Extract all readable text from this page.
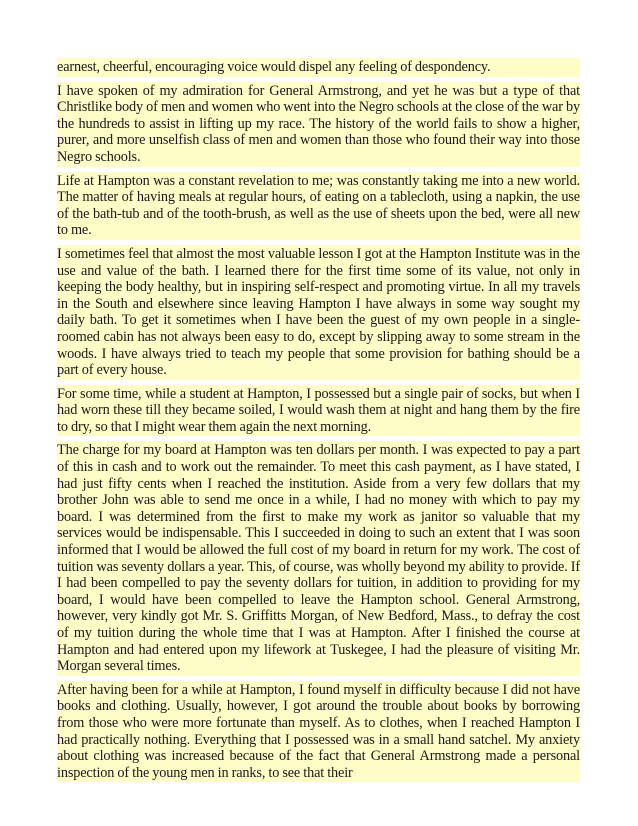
earnest, cheerful, encouraging voice would dispel any feeling of despondency.

I have spoken of my admiration for General Armstrong, and yet he was but a type of that Christlike body of men and women who went into the Negro schools at the close of the war by the hundreds to assist in lifting up my race. The history of the world fails to show a higher, purer, and more unselfish class of men and women than those who found their way into those Negro schools.

Life at Hampton was a constant revelation to me; was constantly taking me into a new world. The matter of having meals at regular hours, of eating on a tablecloth, using a napkin, the use of the bath-tub and of the tooth-brush, as well as the use of sheets upon the bed, were all new to me.

I sometimes feel that almost the most valuable lesson I got at the Hampton Institute was in the use and value of the bath. I learned there for the first time some of its value, not only in keeping the body healthy, but in inspiring self-respect and promoting virtue. In all my travels in the South and elsewhere since leaving Hampton I have always in some way sought my daily bath. To get it sometimes when I have been the guest of my own people in a single-roomed cabin has not always been easy to do, except by slipping away to some stream in the woods. I have always tried to teach my people that some provision for bathing should be a part of every house.

For some time, while a student at Hampton, I possessed but a single pair of socks, but when I had worn these till they became soiled, I would wash them at night and hang them by the fire to dry, so that I might wear them again the next morning.

The charge for my board at Hampton was ten dollars per month. I was expected to pay a part of this in cash and to work out the remainder. To meet this cash payment, as I have stated, I had just fifty cents when I reached the institution. Aside from a very few dollars that my brother John was able to send me once in a while, I had no money with which to pay my board. I was determined from the first to make my work as janitor so valuable that my services would be indispensable. This I succeeded in doing to such an extent that I was soon informed that I would be allowed the full cost of my board in return for my work. The cost of tuition was seventy dollars a year. This, of course, was wholly beyond my ability to provide. If I had been compelled to pay the seventy dollars for tuition, in addition to providing for my board, I would have been compelled to leave the Hampton school. General Armstrong, however, very kindly got Mr. S. Griffitts Morgan, of New Bedford, Mass., to defray the cost of my tuition during the whole time that I was at Hampton. After I finished the course at Hampton and had entered upon my lifework at Tuskegee, I had the pleasure of visiting Mr. Morgan several times.

After having been for a while at Hampton, I found myself in difficulty because I did not have books and clothing. Usually, however, I got around the trouble about books by borrowing from those who were more fortunate than myself. As to clothes, when I reached Hampton I had practically nothing. Everything that I possessed was in a small hand satchel. My anxiety about clothing was increased because of the fact that General Armstrong made a personal inspection of the young men in ranks, to see that their
